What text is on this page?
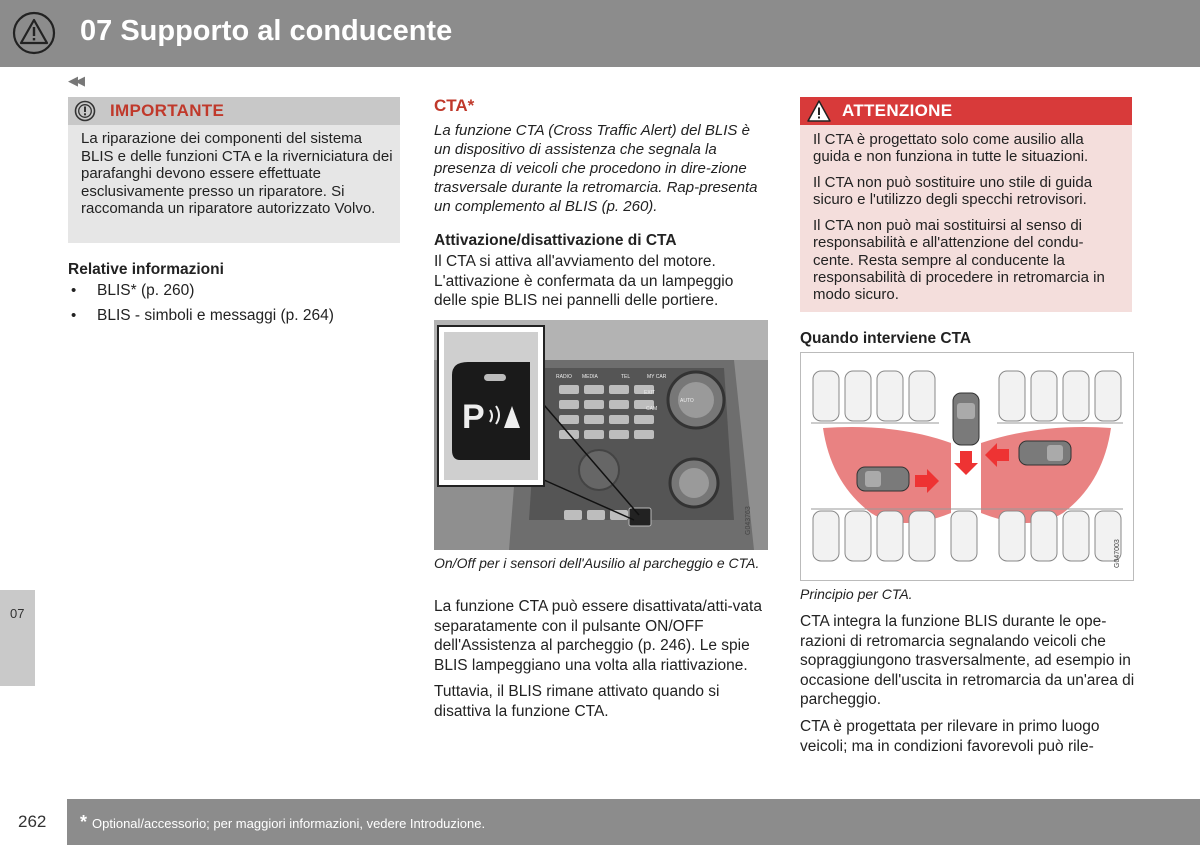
07 Supporto al conducente
◀◀
07
IMPORTANTE
La riparazione dei componenti del sistema BLIS e delle funzioni CTA e la riverniciatura dei parafanghi devono essere effettuate esclusivamente presso un riparatore. Si raccomanda un riparatore autorizzato Volvo.
Relative informazioni
• BLIS* (p. 260)
• BLIS - simboli e messaggi (p. 264)
CTA*
La funzione CTA (Cross Traffic Alert) del BLIS è un dispositivo di assistenza che segnala la presenza di veicoli che procedono in dire-zione trasversale durante la retromarcia. Rap-presenta un complemento al BLIS (p. 260).
Attivazione/disattivazione di CTA
Il CTA si attiva all'avviamento del motore. L'attivazione è confermata da un lampeggio delle spie BLIS nei pannelli delle portiere.
RADIO MEDIA	TEL	MY CAR
EXIT
CAM
AUTO
P
G043763
On/Off per i sensori dell'Ausilio al parcheggio e CTA.
La funzione CTA può essere disattivata/atti-vata separatamente con il pulsante ON/OFF dell'Assistenza al parcheggio (p. 246). Le spie BLIS lampeggiano una volta alla riattivazione.
Tuttavia, il BLIS rimane attivato quando si disattiva la funzione CTA.
ATTENZIONE
Il CTA è progettato solo come ausilio alla guida e non funziona in tutte le situazioni.
Il CTA non può sostituire uno stile di guida sicuro e l'utilizzo degli specchi retrovisori.
Il CTA non può mai sostituirsi al senso di responsabilità e all'attenzione del condu-cente. Resta sempre al conducente la responsabilità di procedere in retromarcia in modo sicuro.
Quando interviene CTA
G047003
Principio per CTA.
CTA integra la funzione BLIS durante le ope-razioni di retromarcia segnalando veicoli che sopraggiungono trasversalmente, ad esempio in occasione dell'uscita in retromarcia da un'area di parcheggio.
CTA è progettata per rilevare in primo luogo veicoli; ma in condizioni favorevoli può rile-
262 * Optional/accessorio; per maggiori informazioni, vedere Introduzione.
